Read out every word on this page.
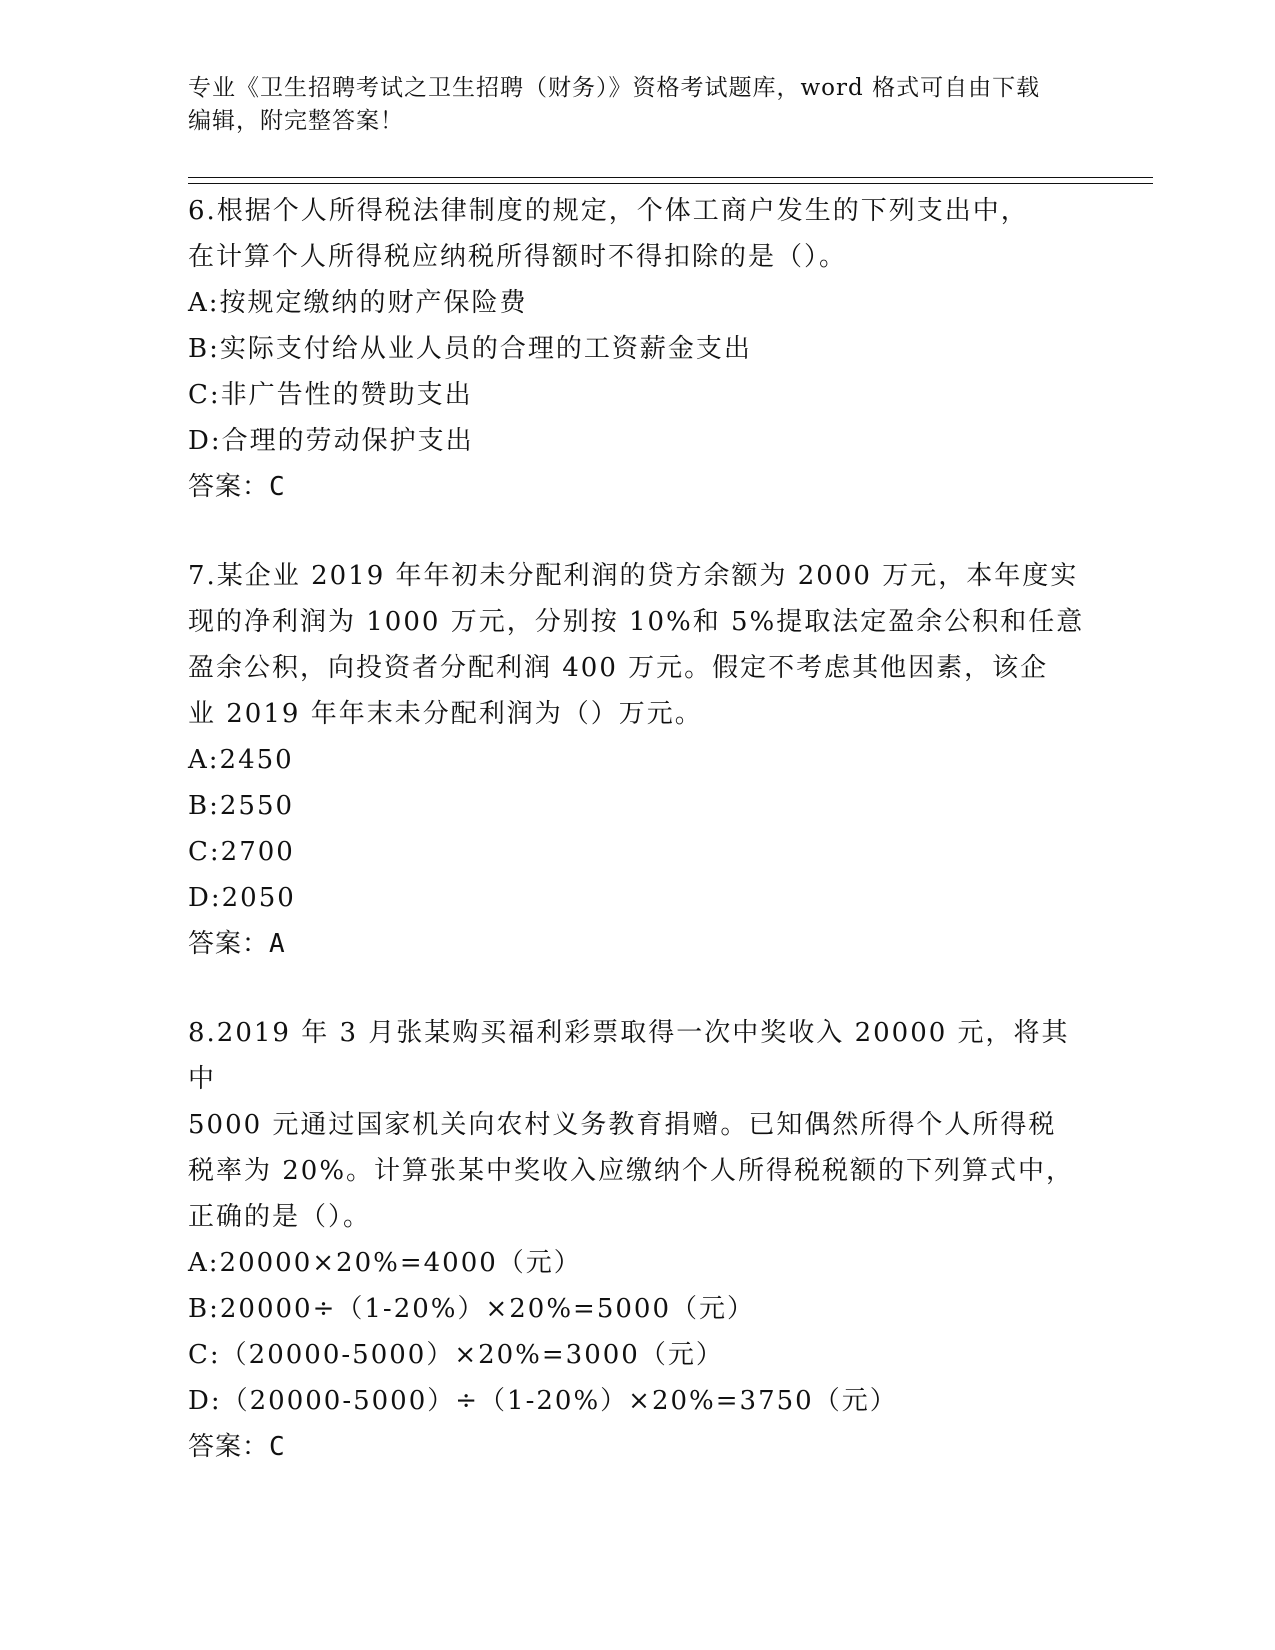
专业《卫生招聘考试之卫生招聘（财务）》资格考试题库，word 格式可自由下载
编辑，附完整答案！
6.根据个人所得税法律制度的规定，个体工商户发生的下列支出中，
在计算个人所得税应纳税所得额时不得扣除的是（）。
A:按规定缴纳的财产保险费
B:实际支付给从业人员的合理的工资薪金支出
C:非广告性的赞助支出
D:合理的劳动保护支出
答案：C
7.某企业 2019 年年初未分配利润的贷方余额为 2000 万元，本年度实
现的净利润为 1000 万元，分别按 10%和 5%提取法定盈余公积和任意
盈余公积，向投资者分配利润 400 万元。假定不考虑其他因素，该企
业 2019 年年末未分配利润为（）万元。
A:2450
B:2550
C:2700
D:2050
答案：A
8.2019 年 3 月张某购买福利彩票取得一次中奖收入 20000 元，将其中
5000 元通过国家机关向农村义务教育捐赠。已知偶然所得个人所得税
税率为 20%。计算张某中奖收入应缴纳个人所得税税额的下列算式中，
正确的是（）。
A:20000×20%=4000（元）
B:20000÷（1-20%）×20%=5000（元）
C:（20000-5000）×20%=3000（元）
D:（20000-5000）÷（1-20%）×20%=3750（元）
答案：C
